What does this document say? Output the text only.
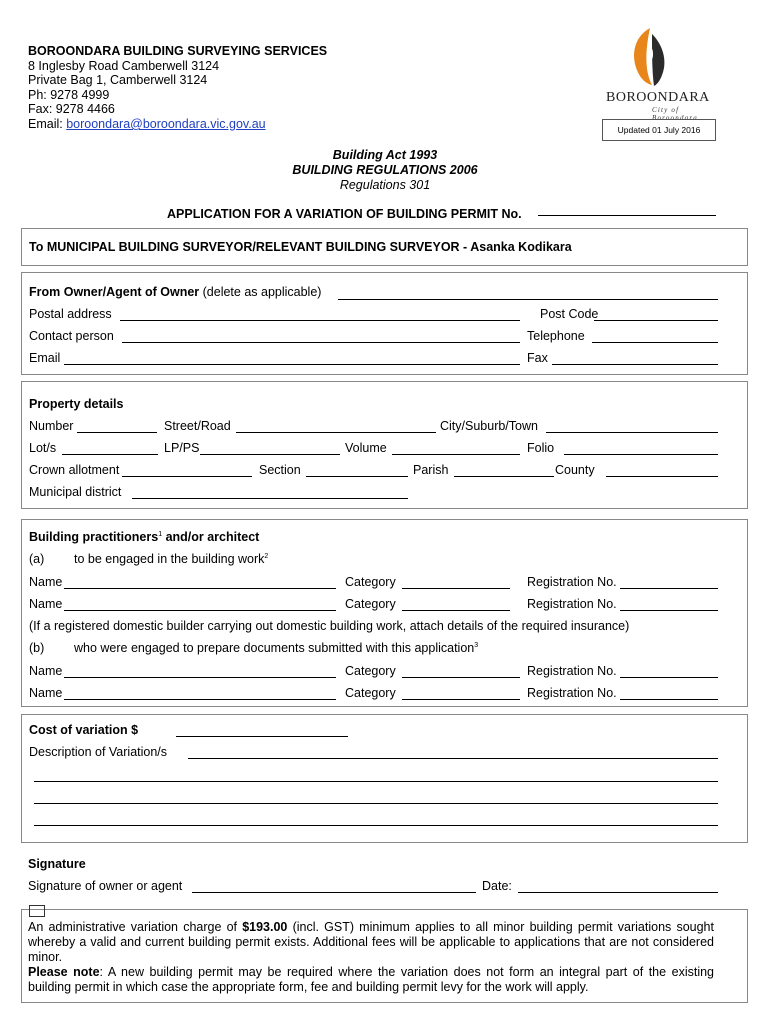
BOROONDARA BUILDING SURVEYING SERVICES
8 Inglesby Road Camberwell 3124
Private Bag 1, Camberwell 3124
Ph: 9278 4999
Fax: 9278 4466
Email: boroondara@boroondara.vic.gov.au
BOROONDARA
City of Boroondara
Updated 01 July 2016
Building Act 1993
BUILDING REGULATIONS 2006
Regulations 301
APPLICATION FOR A VARIATION OF BUILDING PERMIT No.
To MUNICIPAL BUILDING SURVEYOR/RELEVANT BUILDING SURVEYOR - Asanka Kodikara
From Owner/Agent of Owner (delete as applicable)
Postal address	Post Code
Contact person	Telephone
Email	Fax
Property details
Number	Street/Road	City/Suburb/Town
Lot/s	LP/PS	Volume	Folio
Crown allotment	Section	Parish	County
Municipal district
Building practitioners$^1$ and/or architect
(a) to be engaged in the building work$^2$
Name	Category	Registration No.
Name	Category	Registration No.
(If a registered domestic builder carrying out domestic building work, attach details of the required insurance)
(b) who were engaged to prepare documents submitted with this application$^3$
Name	Category	Registration No.
Name	Category	Registration No.
Cost of variation $
Description of Variation/s
Signature
Signature of owner or agent	Date:
An administrative variation charge of $193.00 (incl. GST) minimum applies to all minor building permit variations sought whereby a valid and current building permit exists. Additional fees will be applicable to applications that are not considered minor.
Please note: A new building permit may be required where the variation does not form an integral part of the existing building permit in which case the appropriate form, fee and building permit levy for the work will apply.
